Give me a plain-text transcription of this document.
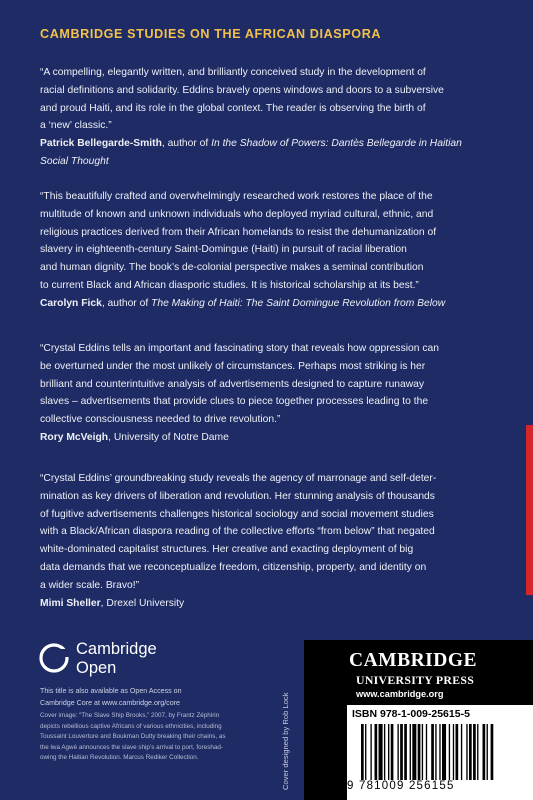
CAMBRIDGE STUDIES ON THE AFRICAN DIASPORA

“A compelling, elegantly written, and brilliantly conceived study in the development of
racial definitions and solidarity. Eddins bravely opens windows and doors to a subversive
and proud Haiti, and its role in the global context. The reader is observing the birth of
a ‘new’ classic.”

Patrick Bellegarde-Smith, author of In the Shadow of Powers: Dantès Bellegarde in Haitian
Social Thought

“This beautifully crafted and overwhelmingly researched work restores the place of the
multitude of known and unknown individuals who deployed myriad cultural, ethnic, and
religious practices derived from their African homelands to resist the dehumanization of
slavery in eighteenth-century Saint-Domingue (Haiti) in pursuit of racial liberation
and human dignity. The book’s de-colonial perspective makes a seminal contribution
to current Black and African diasporic studies. It is historical scholarship at its best.”

Carolyn Fick, author of The Making of Haiti: The Saint Domingue Revolution from Below

“Crystal Eddins tells an important and fascinating story that reveals how oppression can
be overturned under the most unlikely of circumstances. Perhaps most striking is her
brilliant and counterintuitive analysis of advertisements designed to capture runaway
slaves – advertisements that provide clues to piece together processes leading to the
collective consciousness needed to drive revolution.”

Rory McVeigh, University of Notre Dame

“Crystal Eddins’ groundbreaking study reveals the agency of marronage and self-deter-
mination as key drivers of liberation and revolution. Her stunning analysis of thousands
of fugitive advertisements challenges historical sociology and social movement studies
with a Black/African diaspora reading of the collective efforts “from below” that negated
white-dominated capitalist structures. Her creative and exacting deployment of big
data demands that we reconceptualize freedom, citizenship, property, and identity on
a wider scale. Bravo!”

Mimi Sheller, Drexel University

Cambridge
Open
This title is also available as Open Access on
Cambridge Core at www.cambridge.org/core
Cover image: “The Slave Ship Brooks,” 2007, by Frantz Zéphirin
depicts rebellious captive Africans of various ethnicities, including
Toussaint Louverture and Boukman Dutty breaking their chains, as
the lwa Agwé announces the slave ship’s arrival to port, foreshad-
owing the Haitian Revolution. Marcus Rediker Collection.	Cover designed by Rob Lock
CAMBRIDGE
UNIVERSITY PRESS
www.cambridge.org
ISBN 978-1-009-25615-5
9 781009 256155
